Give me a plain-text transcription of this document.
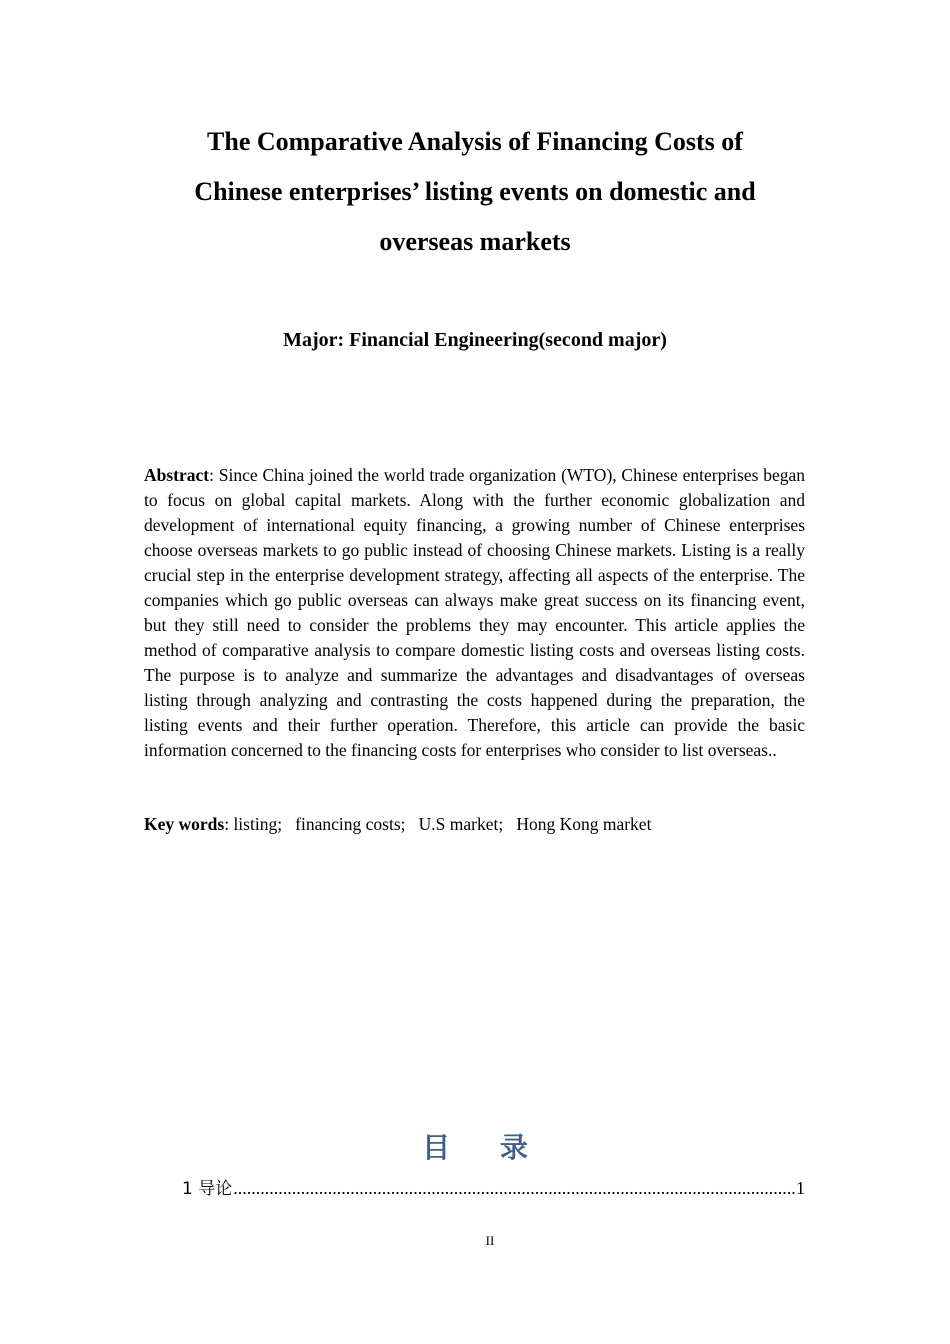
The Comparative Analysis of Financing Costs of
Chinese enterprises’ listing events on domestic and
overseas markets
Major: Financial Engineering(second major)

Abstract: Since China joined the world trade organization (WTO), Chinese enterprises began to focus on global capital markets. Along with the further economic globalization and development of international equity financing, a growing number of Chinese enterprises choose overseas markets to go public instead of choosing Chinese markets. Listing is a really crucial step in the enterprise development strategy, affecting all aspects of the enterprise. The companies which go public overseas can always make great success on its financing event, but they still need to consider the problems they may encounter. This article applies the method of comparative analysis to compare domestic listing costs and overseas listing costs. The purpose is to analyze and summarize the advantages and disadvantages of overseas listing through analyzing and contrasting the costs happened during the preparation, the listing events and their further operation. Therefore, this article can provide the basic information concerned to the financing costs for enterprises who consider to list overseas..

Key words: listing;   financing costs;   U.S market;   Hong Kong market

目 录
1 导论
.....	1
II
